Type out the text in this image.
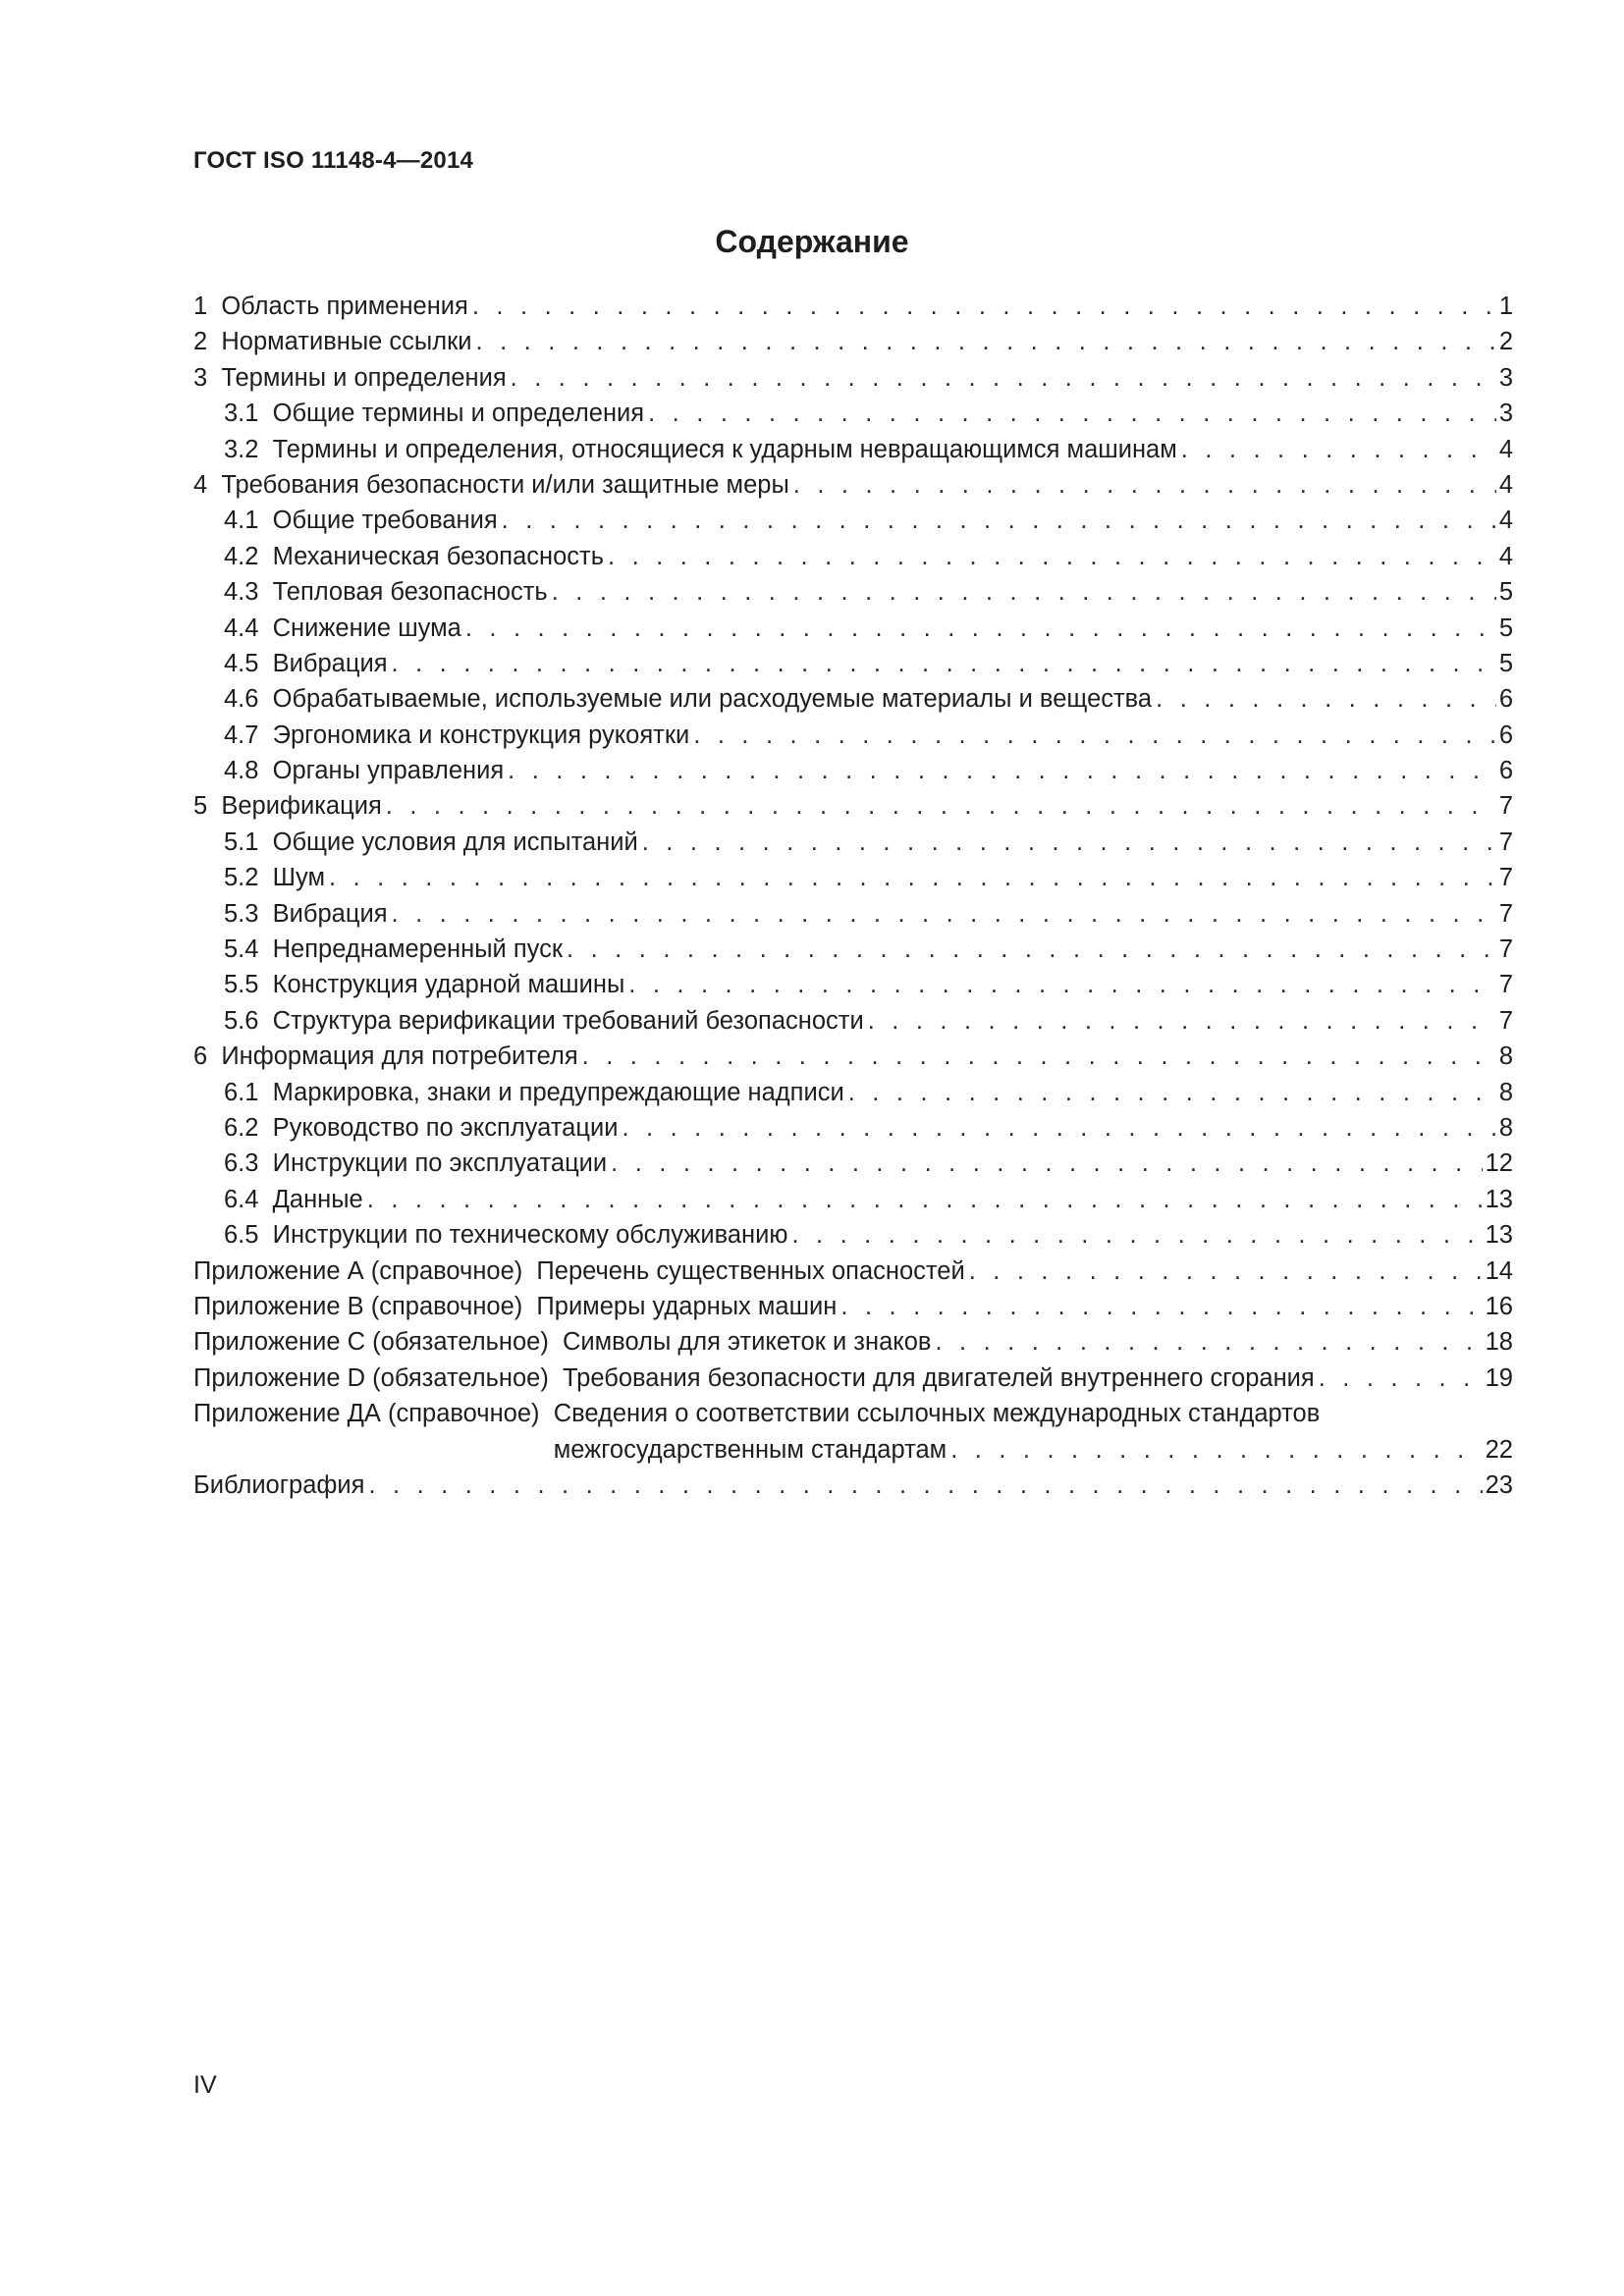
ГОСТ ISO 11148-4—2014
Содержание
1  Область применения . . .	1
2  Нормативные ссылки . . .	2
3  Термины и определения . . .	3
3.1  Общие термины и определения . . .	3
3.2  Термины и определения, относящиеся к ударным невращающимся машинам . . .	4
4  Требования безопасности и/или защитные меры . . .	4
4.1  Общие требования . . .	4
4.2  Механическая безопасность . . .	4
4.3  Тепловая безопасность . . .	5
4.4  Снижение шума . . .	5
4.5  Вибрация . . .	5
4.6  Обрабатываемые, используемые или расходуемые материалы и вещества . . .	6
4.7  Эргономика и конструкция рукоятки . . .	6
4.8  Органы управления . . .	6
5  Верификация . . .	7
5.1  Общие условия для испытаний . . .	7
5.2  Шум . . .	7
5.3  Вибрация . . .	7
5.4  Непреднамеренный пуск . . .	7
5.5  Конструкция ударной машины . . .	7
5.6  Структура верификации требований безопасности . . .	7
6  Информация для потребителя . . .	8
6.1  Маркировка, знаки и предупреждающие надписи . . .	8
6.2  Руководство по эксплуатации . . .	8
6.3  Инструкции по эксплуатации . . .	12
6.4  Данные . . .	13
6.5  Инструкции по техническому обслуживанию . . .	13
Приложение А (справочное)  Перечень существенных опасностей . . .	14
Приложение В (справочное)  Примеры ударных машин . . .	16
Приложение С (обязательное)  Символы для этикеток и знаков . . .	18
Приложение D (обязательное)  Требования безопасности для двигателей внутреннего сгорания . . .	19
Приложение ДА (справочное)  Сведения о соответствии ссылочных международных стандартов
межгосударственным стандартам . . .	22
Библиография . . .	23
IV
